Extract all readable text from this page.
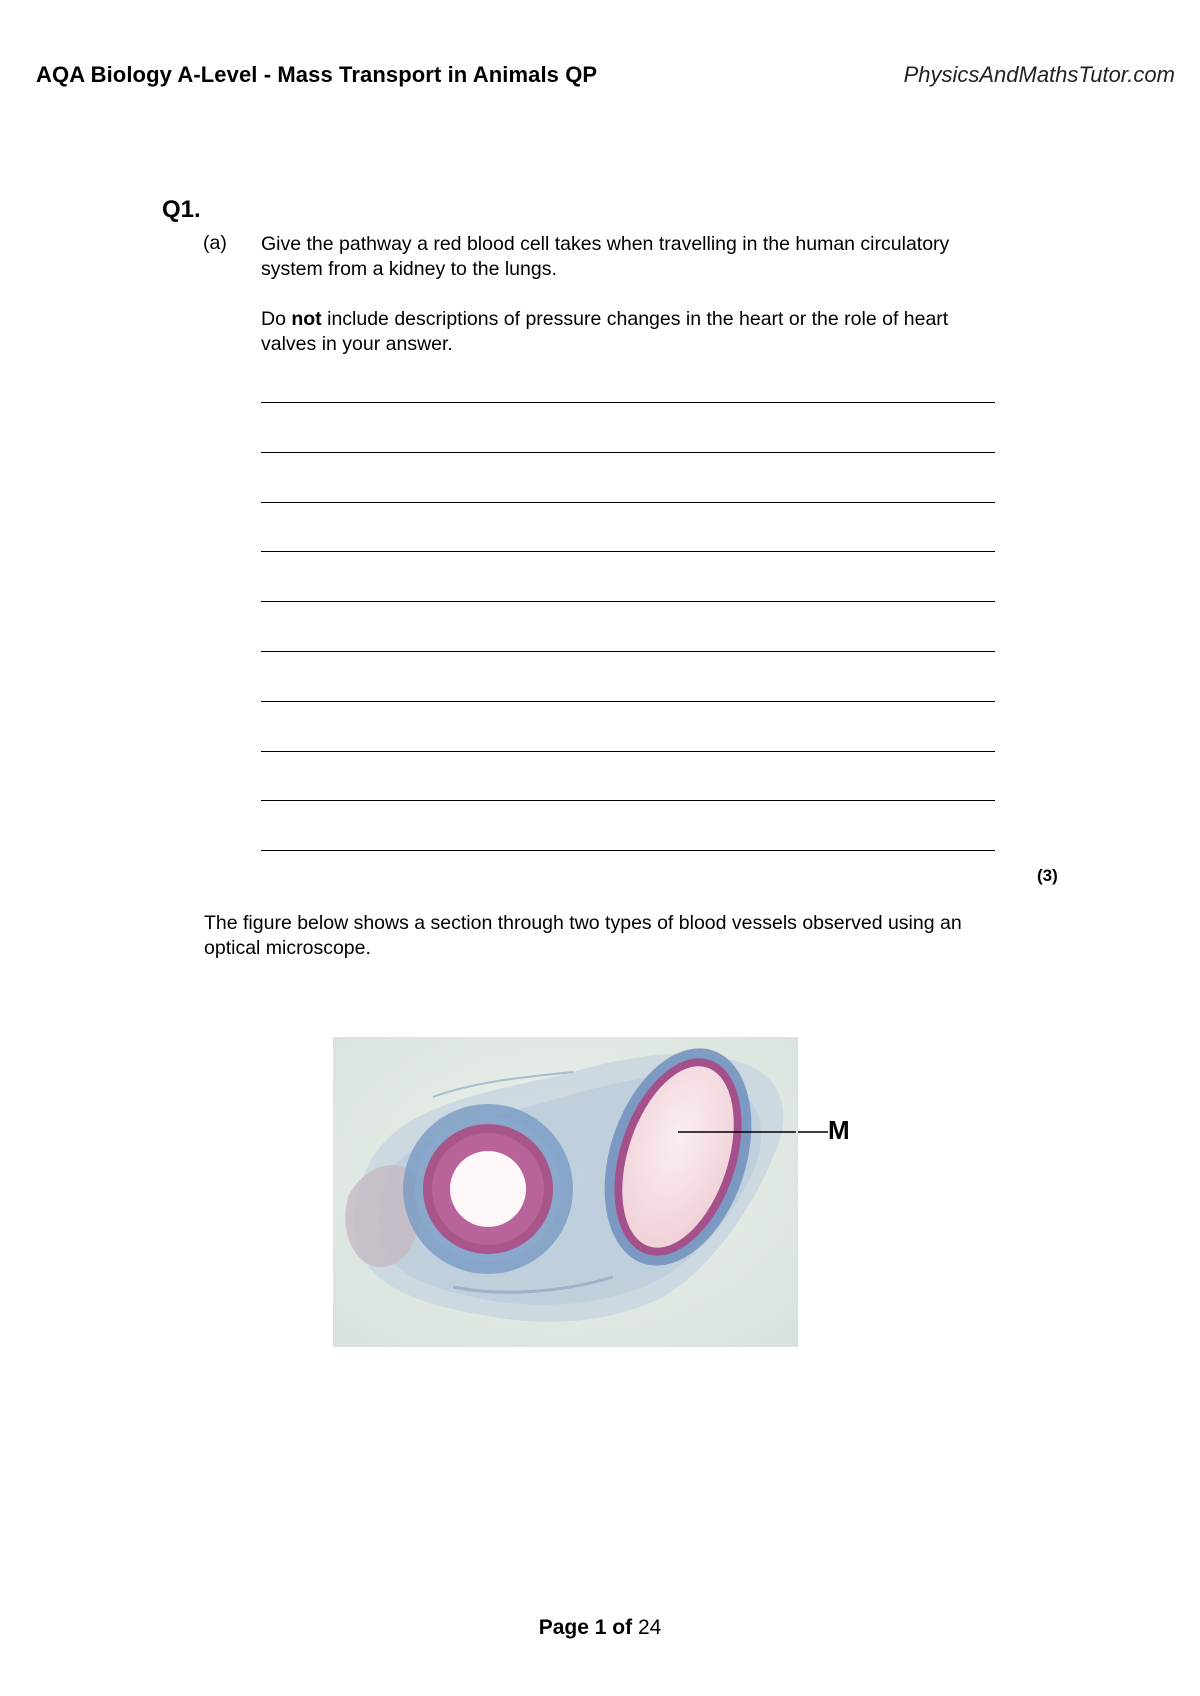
AQA Biology A-Level - Mass Transport in Animals QP	PhysicsAndMathsTutor.com
Q1.
(a) Give the pathway a red blood cell takes when travelling in the human circulatory system from a kidney to the lungs.
Do not include descriptions of pressure changes in the heart or the role of heart valves in your answer.
(3)
The figure below shows a section through two types of blood vessels observed using an optical microscope.
M
Page 1 of 24
